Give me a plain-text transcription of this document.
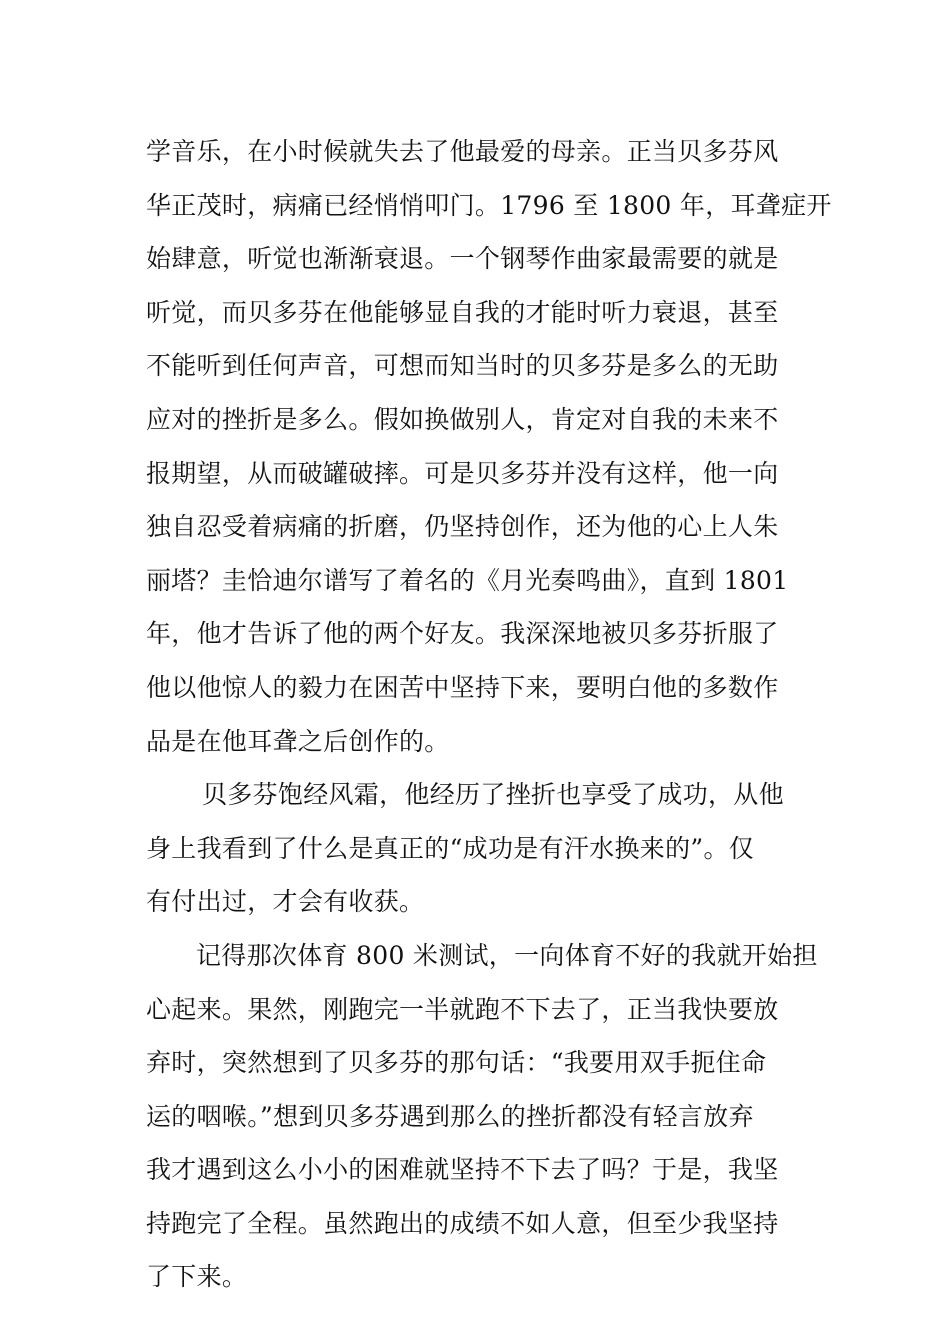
学音乐，在小时候就失去了他最爱的母亲。正当贝多芬风
华正茂时，病痛已经悄悄叩门。1796 至 1800 年，耳聋症开
始肆意，听觉也渐渐衰退。一个钢琴作曲家最需要的就是
听觉，而贝多芬在他能够显自我的才能时听力衰退，甚至
不能听到任何声音，可想而知当时的贝多芬是多么的无助
应对的挫折是多么。假如换做别人，肯定对自我的未来不
报期望，从而破罐破摔。可是贝多芬并没有这样，他一向
独自忍受着病痛的折磨，仍坚持创作，还为他的心上人朱
丽塔？圭恰迪尔谱写了着名的《月光奏鸣曲》，直到 1801
年，他才告诉了他的两个好友。我深深地被贝多芬折服了
他以他惊人的毅力在困苦中坚持下来，要明白他的多数作
品是在他耳聋之后创作的。
贝多芬饱经风霜，他经历了挫折也享受了成功，从他
身上我看到了什么是真正的“成功是有汗水换来的”。仅
有付出过，才会有收获。
记得那次体育 800 米测试，一向体育不好的我就开始担
心起来。果然，刚跑完一半就跑不下去了，正当我快要放
弃时，突然想到了贝多芬的那句话：“我要用双手扼住命
运的咽喉。”想到贝多芬遇到那么的挫折都没有轻言放弃
我才遇到这么小小的困难就坚持不下去了吗？于是，我坚
持跑完了全程。虽然跑出的成绩不如人意，但至少我坚持
了下来。
